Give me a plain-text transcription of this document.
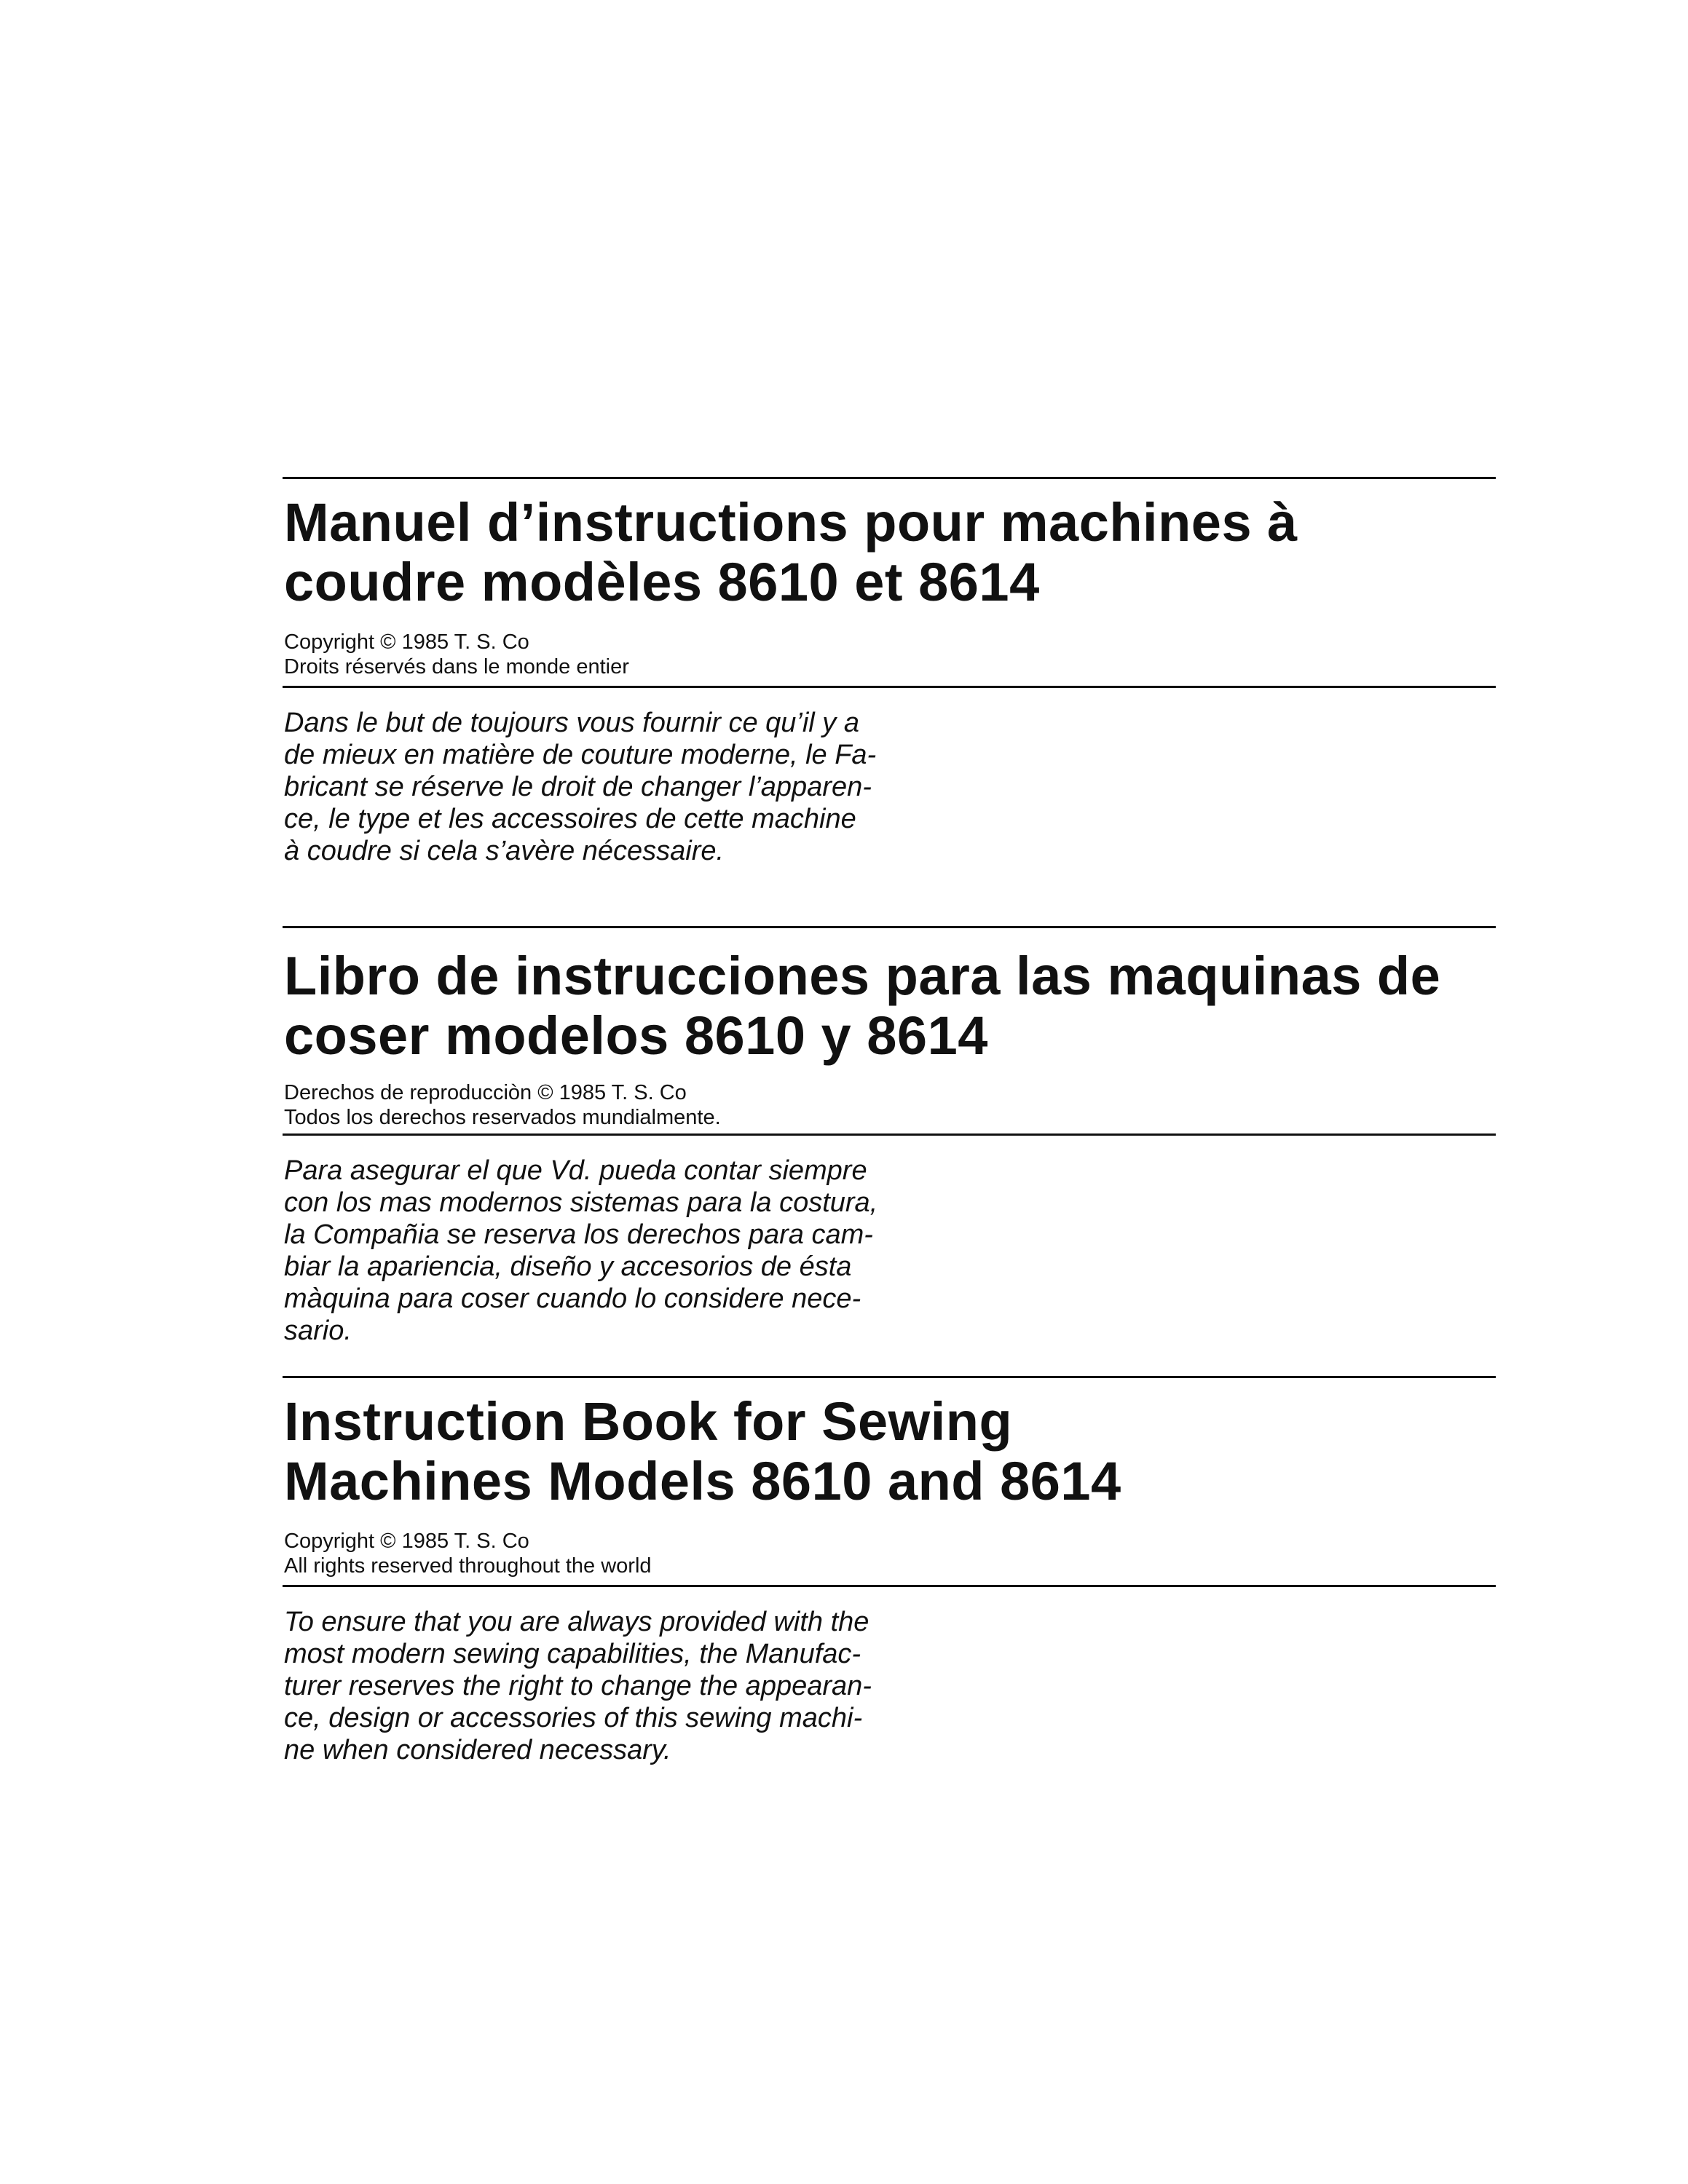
Manuel d’instructions pour machines à
coudre modèles 8610 et 8614
Copyright © 1985 T. S. Co
Droits réservés dans le monde entier
Dans le but de toujours vous fournir ce qu’il y a
de mieux en matière de couture moderne, le Fa-
bricant se réserve le droit de changer l’apparen-
ce, le type et les accessoires de cette machine
à coudre si cela s’avère nécessaire.
Libro de instrucciones para las maquinas de
coser modelos 8610 y 8614
Derechos de reproducciòn © 1985 T. S. Co
Todos los derechos reservados mundialmente.
Para asegurar el que Vd. pueda contar siempre
con los mas modernos sistemas para la costura,
la Compañia se reserva los derechos para cam-
biar la apariencia, diseño y accesorios de ésta
màquina para coser cuando lo considere nece-
sario.
Instruction Book for Sewing
Machines Models 8610 and 8614
Copyright © 1985 T. S. Co
All rights reserved throughout the world
To ensure that you are always provided with the
most modern sewing capabilities, the Manufac-
turer reserves the right to change the appearan-
ce, design or accessories of this sewing machi-
ne when considered necessary.
